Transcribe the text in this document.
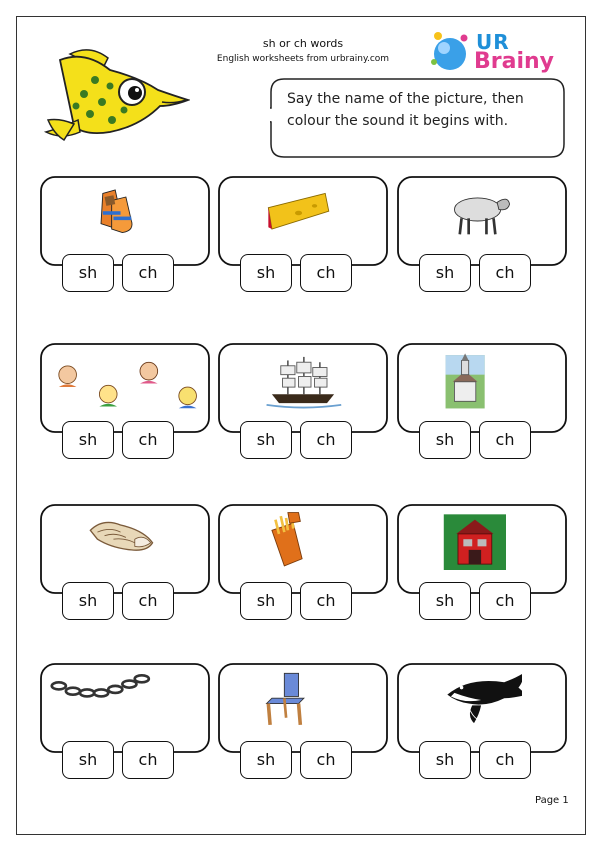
sh or ch words
English worksheets from urbrainy.com
UR
Brainy
Say the name of the picture, then
colour the sound it begins with.
sh	ch	sh	ch	sh	ch
sh	ch	sh	ch	sh	ch
sh	ch	sh	ch	sh	ch
sh	ch	sh	ch	sh	ch
Page 1
